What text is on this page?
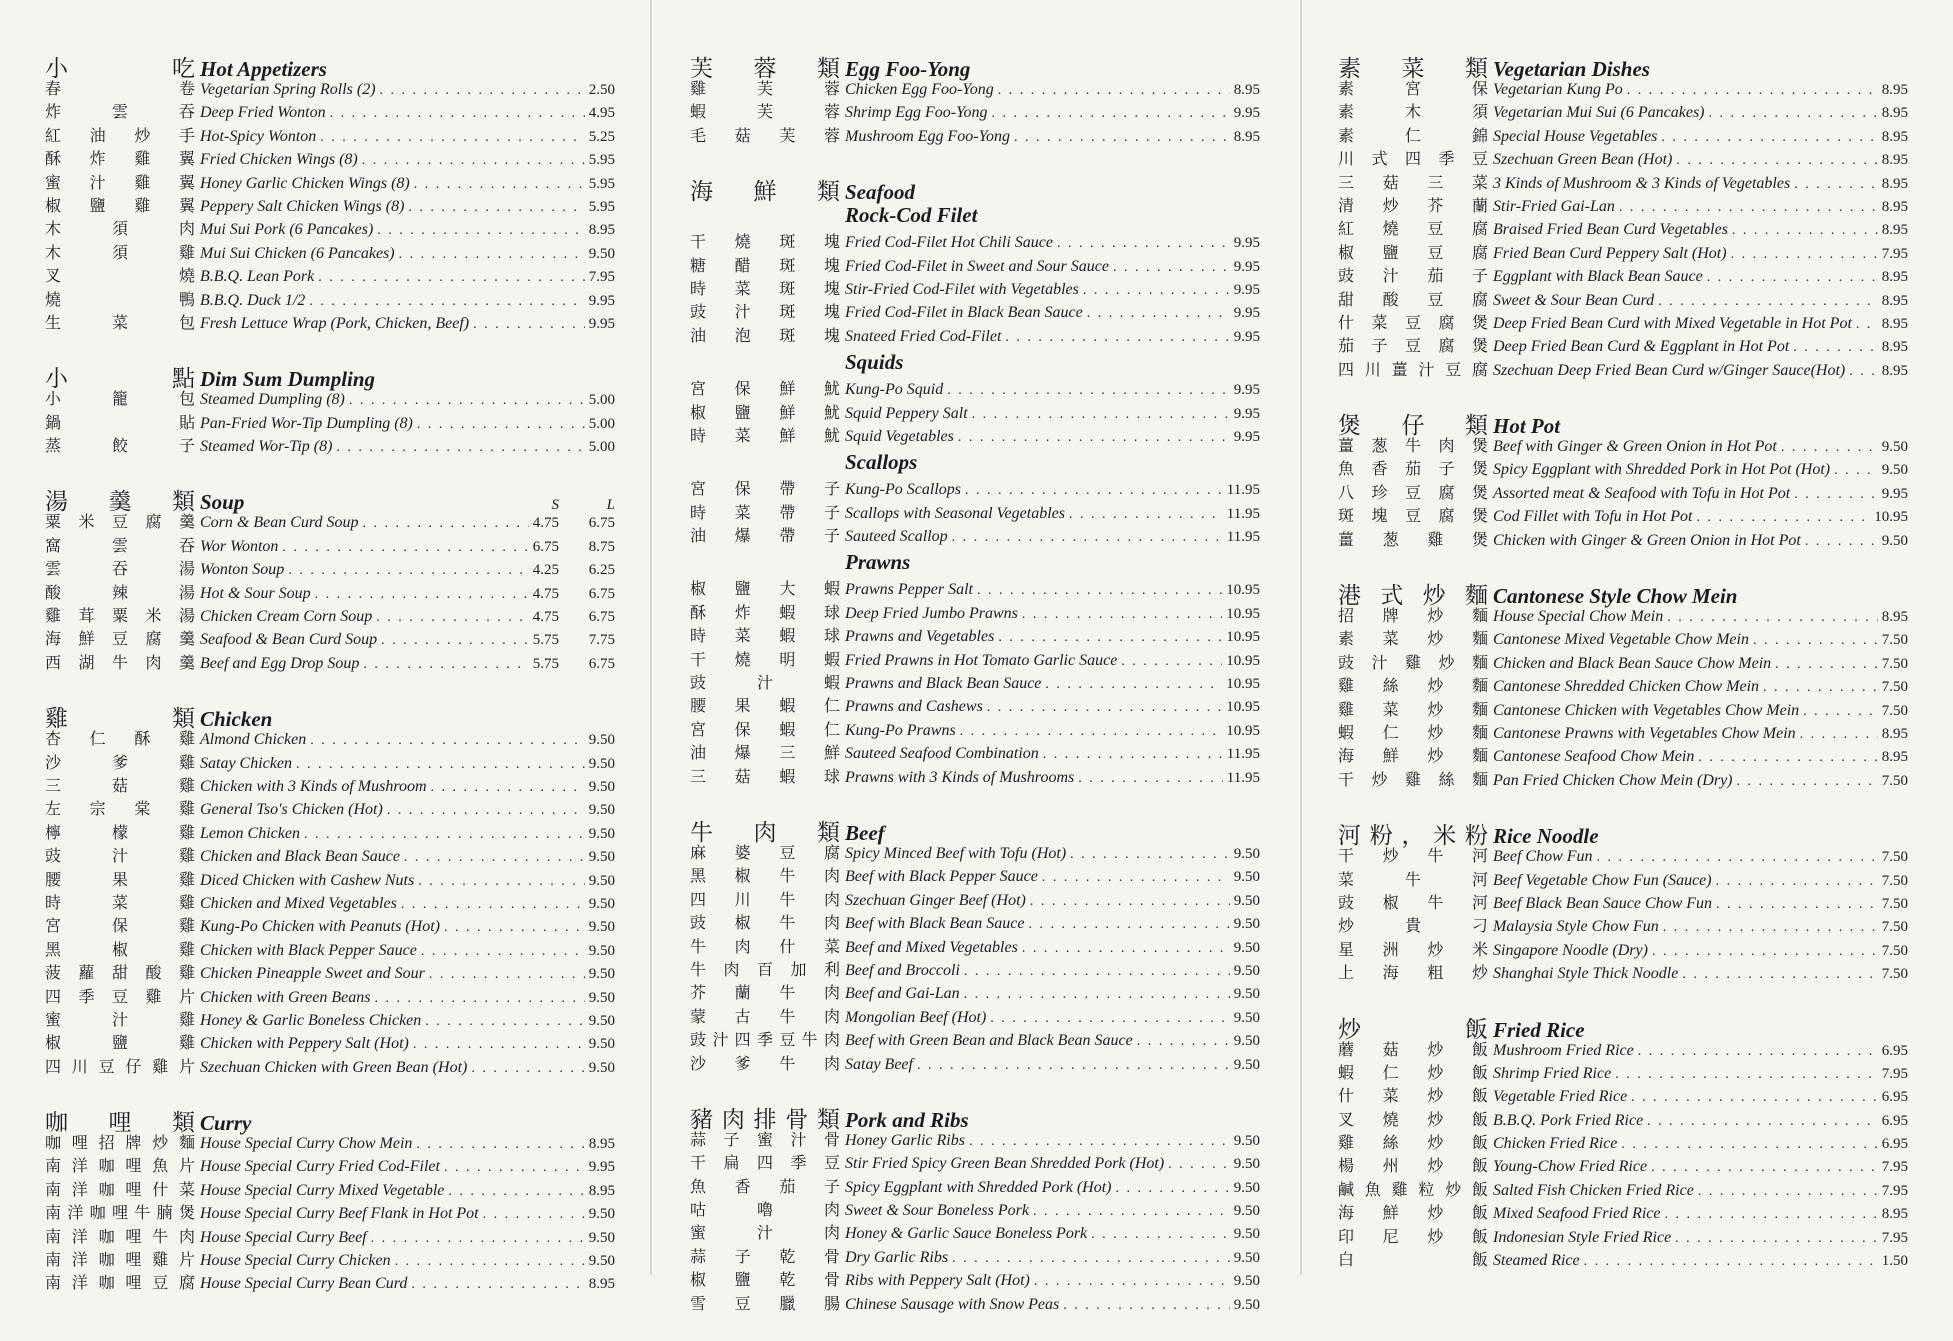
小	吃 Hot Appetizers
春	卷 Vegetarian Spring Rolls (2) . . .	2.50
炸	雲	吞 Deep Fried Wonton . . .	4.95
紅 油 炒 手 Hot-Spicy Wonton . . .	5.25
酥 炸 雞 翼 Fried Chicken Wings (8) . . .	5.95
蜜 汁 雞 翼 Honey Garlic Chicken Wings (8) . . .	5.95
椒 鹽 雞 翼 Peppery Salt Chicken Wings (8) . . .	5.95
木	須	肉 Mui Sui Pork (6 Pancakes) . . .	8.95
木	須	雞 Mui Sui Chicken (6 Pancakes) . . .	9.50
叉	燒 B.B.Q. Lean Pork . . .	7.95
燒	鴨 B.B.Q. Duck 1/2 . . .	9.95
生	菜	包 Fresh Lettuce Wrap (Pork, Chicken, Beef) . . .	9.95
小	點 Dim Sum Dumpling
小	籠	包 Steamed Dumpling (8) . . .	5.00
鍋	貼 Pan-Fried Wor-Tip Dumpling (8) . . .	5.00
蒸	餃	子 Steamed Wor-Tip (8) . . .	5.00
湯 羹 類 Soup	S	L
粟 米 豆 腐 羹 Corn & Bean Curd Soup . . .	4.75	6.75
窩	雲	吞 Wor Wonton . . .	6.75	8.75
雲	吞	湯 Wonton Soup . . .	4.25	6.25
酸	辣	湯 Hot & Sour Soup . . .	4.75	6.75
雞 茸 粟 米 湯 Chicken Cream Corn Soup . . .	4.75	6.75
海 鮮 豆 腐 羹 Seafood & Bean Curd Soup . . .	5.75	7.75
西 湖 牛 肉 羹 Beef and Egg Drop Soup . . .	5.75	6.75
雞	類 Chicken
杏 仁 酥 雞 Almond Chicken . . .	9.50
沙	爹	雞 Satay Chicken . . .	9.50
三	菇	雞 Chicken with 3 Kinds of Mushroom . . .	9.50
左 宗 棠 雞 General Tso's Chicken (Hot) . . .	9.50
檸	檬	雞 Lemon Chicken . . .	9.50
豉	汁	雞 Chicken and Black Bean Sauce . . .	9.50
腰	果	雞 Diced Chicken with Cashew Nuts . . .	9.50
時	菜	雞 Chicken and Mixed Vegetables . . .	9.50
宮	保	雞 Kung-Po Chicken with Peanuts (Hot) . . .	9.50
黑	椒	雞 Chicken with Black Pepper Sauce . . .	9.50
菠 蘿 甜 酸 雞 Chicken Pineapple Sweet and Sour . . .	9.50
四 季 豆 雞 片 Chicken with Green Beans . . .	9.50
蜜	汁	雞 Honey & Garlic Boneless Chicken . . .	9.50
椒	鹽	雞 Chicken with Peppery Salt (Hot) . . .	9.50
四 川 豆 仔 雞 片 Szechuan Chicken with Green Bean (Hot) . . .	9.50
咖 哩 類 Curry
咖 哩 招 牌 炒 麵 House Special Curry Chow Mein . . .	8.95
南 洋 咖 哩 魚 片 House Special Curry Fried Cod-Filet . . .	9.95
南 洋 咖 哩 什 菜 House Special Curry Mixed Vegetable . . .	8.95
南 洋 咖 哩 牛 腩 煲 House Special Curry Beef Flank in Hot Pot . . .	9.50
南 洋 咖 哩 牛 肉 House Special Curry Beef . . .	9.50
南 洋 咖 哩 雞 片 House Special Curry Chicken . . .	9.50
南 洋 咖 哩 豆 腐 House Special Curry Bean Curd . . .	8.95
芙 蓉 類 Egg Foo-Yong
雞	芙	蓉 Chicken Egg Foo-Yong . . .	8.95
蝦	芙	蓉 Shrimp Egg Foo-Yong . . .	9.95
毛 菇 芙 蓉 Mushroom Egg Foo-Yong . . .	8.95
海 鮮 類 Seafood
Rock-Cod Filet
干 燒 斑 塊 Fried Cod-Filet Hot Chili Sauce . . .	9.95
糖 醋 斑 塊 Fried Cod-Filet in Sweet and Sour Sauce . . .	9.95
時 菜 斑 塊 Stir-Fried Cod-Filet with Vegetables . . .	9.95
豉 汁 斑 塊 Fried Cod-Filet in Black Bean Sauce . . .	9.95
油 泡 斑 塊 Snateed Fried Cod-Filet . . .	9.95
Squids
宮 保 鮮 魷 Kung-Po Squid . . .	9.95
椒 鹽 鮮 魷 Squid Peppery Salt . . .	9.95
時 菜 鮮 魷 Squid Vegetables . . .	9.95
Scallops
宮 保 帶 子 Kung-Po Scallops . . .	11.95
時 菜 帶 子 Scallops with Seasonal Vegetables . . .	11.95
油 爆 帶 子 Sauteed Scallop . . .	11.95
Prawns
椒 鹽 大 蝦 Prawns Pepper Salt . . .	10.95
酥 炸 蝦 球 Deep Fried Jumbo Prawns . . .	10.95
時 菜 蝦 球 Prawns and Vegetables . . .	10.95
干 燒 明 蝦 Fried Prawns in Hot Tomato Garlic Sauce . . .	10.95
豉	汁	蝦 Prawns and Black Bean Sauce . . .	10.95
腰 果 蝦 仁 Prawns and Cashews . . .	10.95
宮 保 蝦 仁 Kung-Po Prawns . . .	10.95
油 爆 三 鮮 Sauteed Seafood Combination . . .	11.95
三 菇 蝦 球 Prawns with 3 Kinds of Mushrooms . . .	11.95
牛 肉 類 Beef
麻 婆 豆 腐 Spicy Minced Beef with Tofu (Hot) . . .	9.50
黑 椒 牛 肉 Beef with Black Pepper Sauce . . .	9.50
四 川 牛 肉 Szechuan Ginger Beef (Hot) . . .	9.50
豉 椒 牛 肉 Beef with Black Bean Sauce . . .	9.50
牛 肉 什 菜 Beef and Mixed Vegetables . . .	9.50
牛 肉 百 加 利 Beef and Broccoli . . .	9.50
芥 蘭 牛 肉 Beef and Gai-Lan . . .	9.50
蒙 古 牛 肉 Mongolian Beef (Hot) . . .	9.50
豉 汁 四 季 豆 牛 肉 Beef with Green Bean and Black Bean Sauce . . .	9.50
沙 爹 牛 肉 Satay Beef . . .	9.50
豬 肉 排 骨 類 Pork and Ribs
蒜 子 蜜 汁 骨 Honey Garlic Ribs . . .	9.50
干 扁 四 季 豆 Stir Fried Spicy Green Bean Shredded Pork (Hot) . . .	9.50
魚 香 茄 子 Spicy Eggplant with Shredded Pork (Hot) . . .	9.50
咕	嚕	肉 Sweet & Sour Boneless Pork . . .	9.50
蜜	汁	肉 Honey & Garlic Sauce Boneless Pork . . .	9.50
蒜 子 乾 骨 Dry Garlic Ribs . . .	9.50
椒 鹽 乾 骨 Ribs with Peppery Salt (Hot) . . .	9.50
雪 豆 臘 腸 Chinese Sausage with Snow Peas . . .	9.50
素 菜 類 Vegetarian Dishes
素	宮	保 Vegetarian Kung Po . . .	8.95
素	木	須 Vegetarian Mui Sui (6 Pancakes) . . .	8.95
素	仁	錦 Special House Vegetables . . .	8.95
川 式 四 季 豆 Szechuan Green Bean (Hot) . . .	8.95
三 菇 三 菜 3 Kinds of Mushroom & 3 Kinds of Vegetables . . .	8.95
清 炒 芥 蘭 Stir-Fried Gai-Lan . . .	8.95
紅 燒 豆 腐 Braised Fried Bean Curd Vegetables . . .	8.95
椒 鹽 豆 腐 Fried Bean Curd Peppery Salt (Hot) . . .	7.95
豉 汁 茄 子 Eggplant with Black Bean Sauce . . .	8.95
甜 酸 豆 腐 Sweet & Sour Bean Curd . . .	8.95
什 菜 豆 腐 煲 Deep Fried Bean Curd with Mixed Vegetable in Hot Pot . . . 8.95
茄 子 豆 腐 煲 Deep Fried Bean Curd & Eggplant in Hot Pot . . .	8.95
四 川 薑 汁 豆 腐 Szechuan Deep Fried Bean Curd w/Ginger Sauce(Hot) . . . 8.95
煲 仔 類 Hot Pot
薑 葱 牛 肉 煲 Beef with Ginger & Green Onion in Hot Pot . . .	9.50
魚 香 茄 子 煲 Spicy Eggplant with Shredded Pork in Hot Pot (Hot) . . .	9.50
八 珍 豆 腐 煲 Assorted meat & Seafood with Tofu in Hot Pot . . .	9.95
斑 塊 豆 腐 煲 Cod Fillet with Tofu in Hot Pot . . .	10.95
薑 葱 雞 煲 Chicken with Ginger & Green Onion in Hot Pot . . .	9.50
港 式 炒 麵 Cantonese Style Chow Mein
招 牌 炒 麵 House Special Chow Mein . . .	8.95
素 菜 炒 麵 Cantonese Mixed Vegetable Chow Mein . . .	7.50
豉 汁 雞 炒 麵 Chicken and Black Bean Sauce Chow Mein . . .	7.50
雞 絲 炒 麵 Cantonese Shredded Chicken Chow Mein . . .	7.50
雞 菜 炒 麵 Cantonese Chicken with Vegetables Chow Mein . . .	7.50
蝦 仁 炒 麵 Cantonese Prawns with Vegetables Chow Mein . . .	8.95
海 鮮 炒 麵 Cantonese Seafood Chow Mein . . .	8.95
干 炒 雞 絲 麵 Pan Fried Chicken Chow Mein (Dry) . . .	7.50
河 粉 ， 米 粉 Rice Noodle
干 炒 牛 河 Beef Chow Fun . . .	7.50
菜	牛	河 Beef Vegetable Chow Fun (Sauce) . . .	7.50
豉 椒 牛 河 Beef Black Bean Sauce Chow Fun . . .	7.50
炒	貴	刁 Malaysia Style Chow Fun . . .	7.50
星 洲 炒 米 Singapore Noodle (Dry) . . .	7.50
上 海 粗 炒 Shanghai Style Thick Noodle . . .	7.50
炒	飯 Fried Rice
蘑 菇 炒 飯 Mushroom Fried Rice . . .	6.95
蝦 仁 炒 飯 Shrimp Fried Rice . . .	7.95
什 菜 炒 飯 Vegetable Fried Rice . . .	6.95
叉 燒 炒 飯 B.B.Q. Pork Fried Rice . . .	6.95
雞 絲 炒 飯 Chicken Fried Rice . . .	6.95
楊 州 炒 飯 Young-Chow Fried Rice . . .	7.95
鹹 魚 雞 粒 炒 飯 Salted Fish Chicken Fried Rice . . .	7.95
海 鮮 炒 飯 Mixed Seafood Fried Rice . . .	8.95
印 尼 炒 飯 Indonesian Style Fried Rice . . .	7.95
白	飯 Steamed Rice . . .	1.50
